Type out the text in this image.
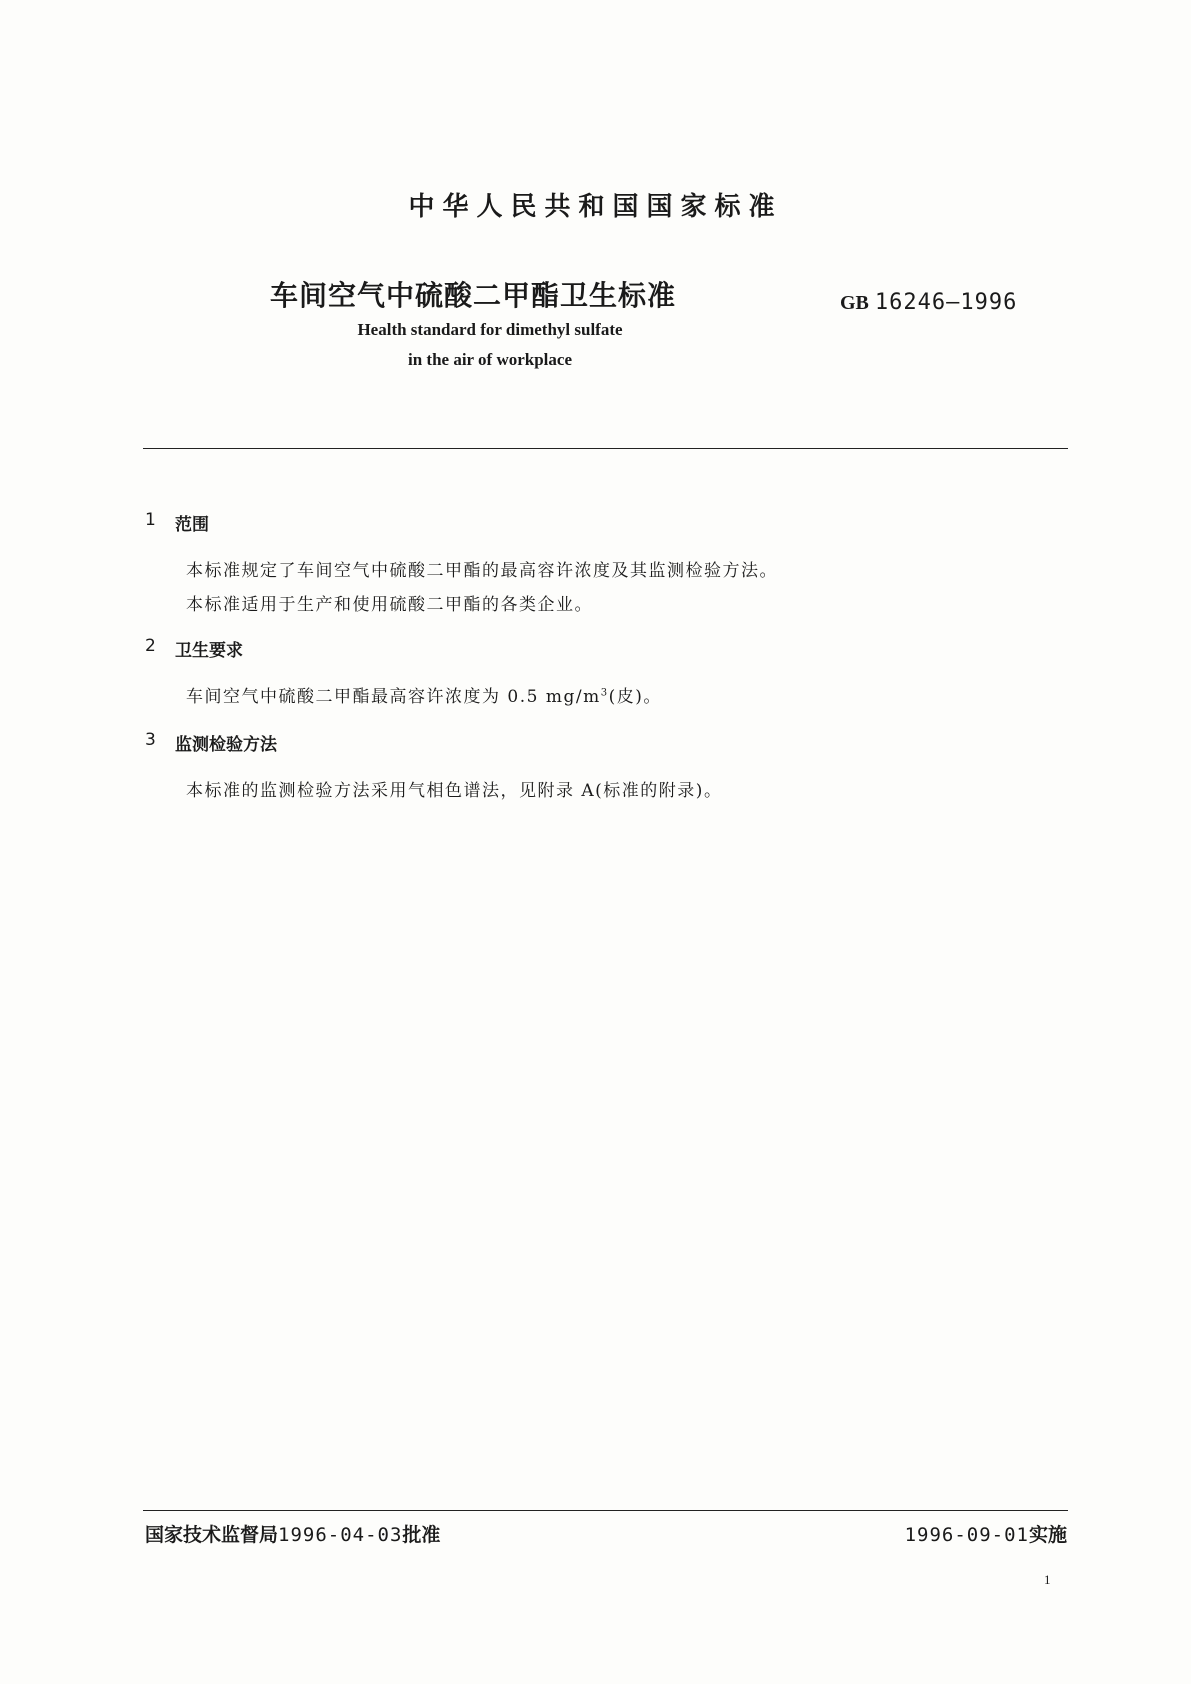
中华人民共和国国家标准
车间空气中硫酸二甲酯卫生标准	GB 16246—1996
Health standard for dimethyl sulfate
in the air of workplace
1 范围
本标准规定了车间空气中硫酸二甲酯的最高容许浓度及其监测检验方法。
本标准适用于生产和使用硫酸二甲酯的各类企业。
2 卫生要求
车间空气中硫酸二甲酯最高容许浓度为 0.5 $mg/m^3$(皮)。
3 监测检验方法
本标准的监测检验方法采用气相色谱法，见附录 A(标准的附录)。
国家技术监督局1996-04-03批准	1996-09-01实施
1
